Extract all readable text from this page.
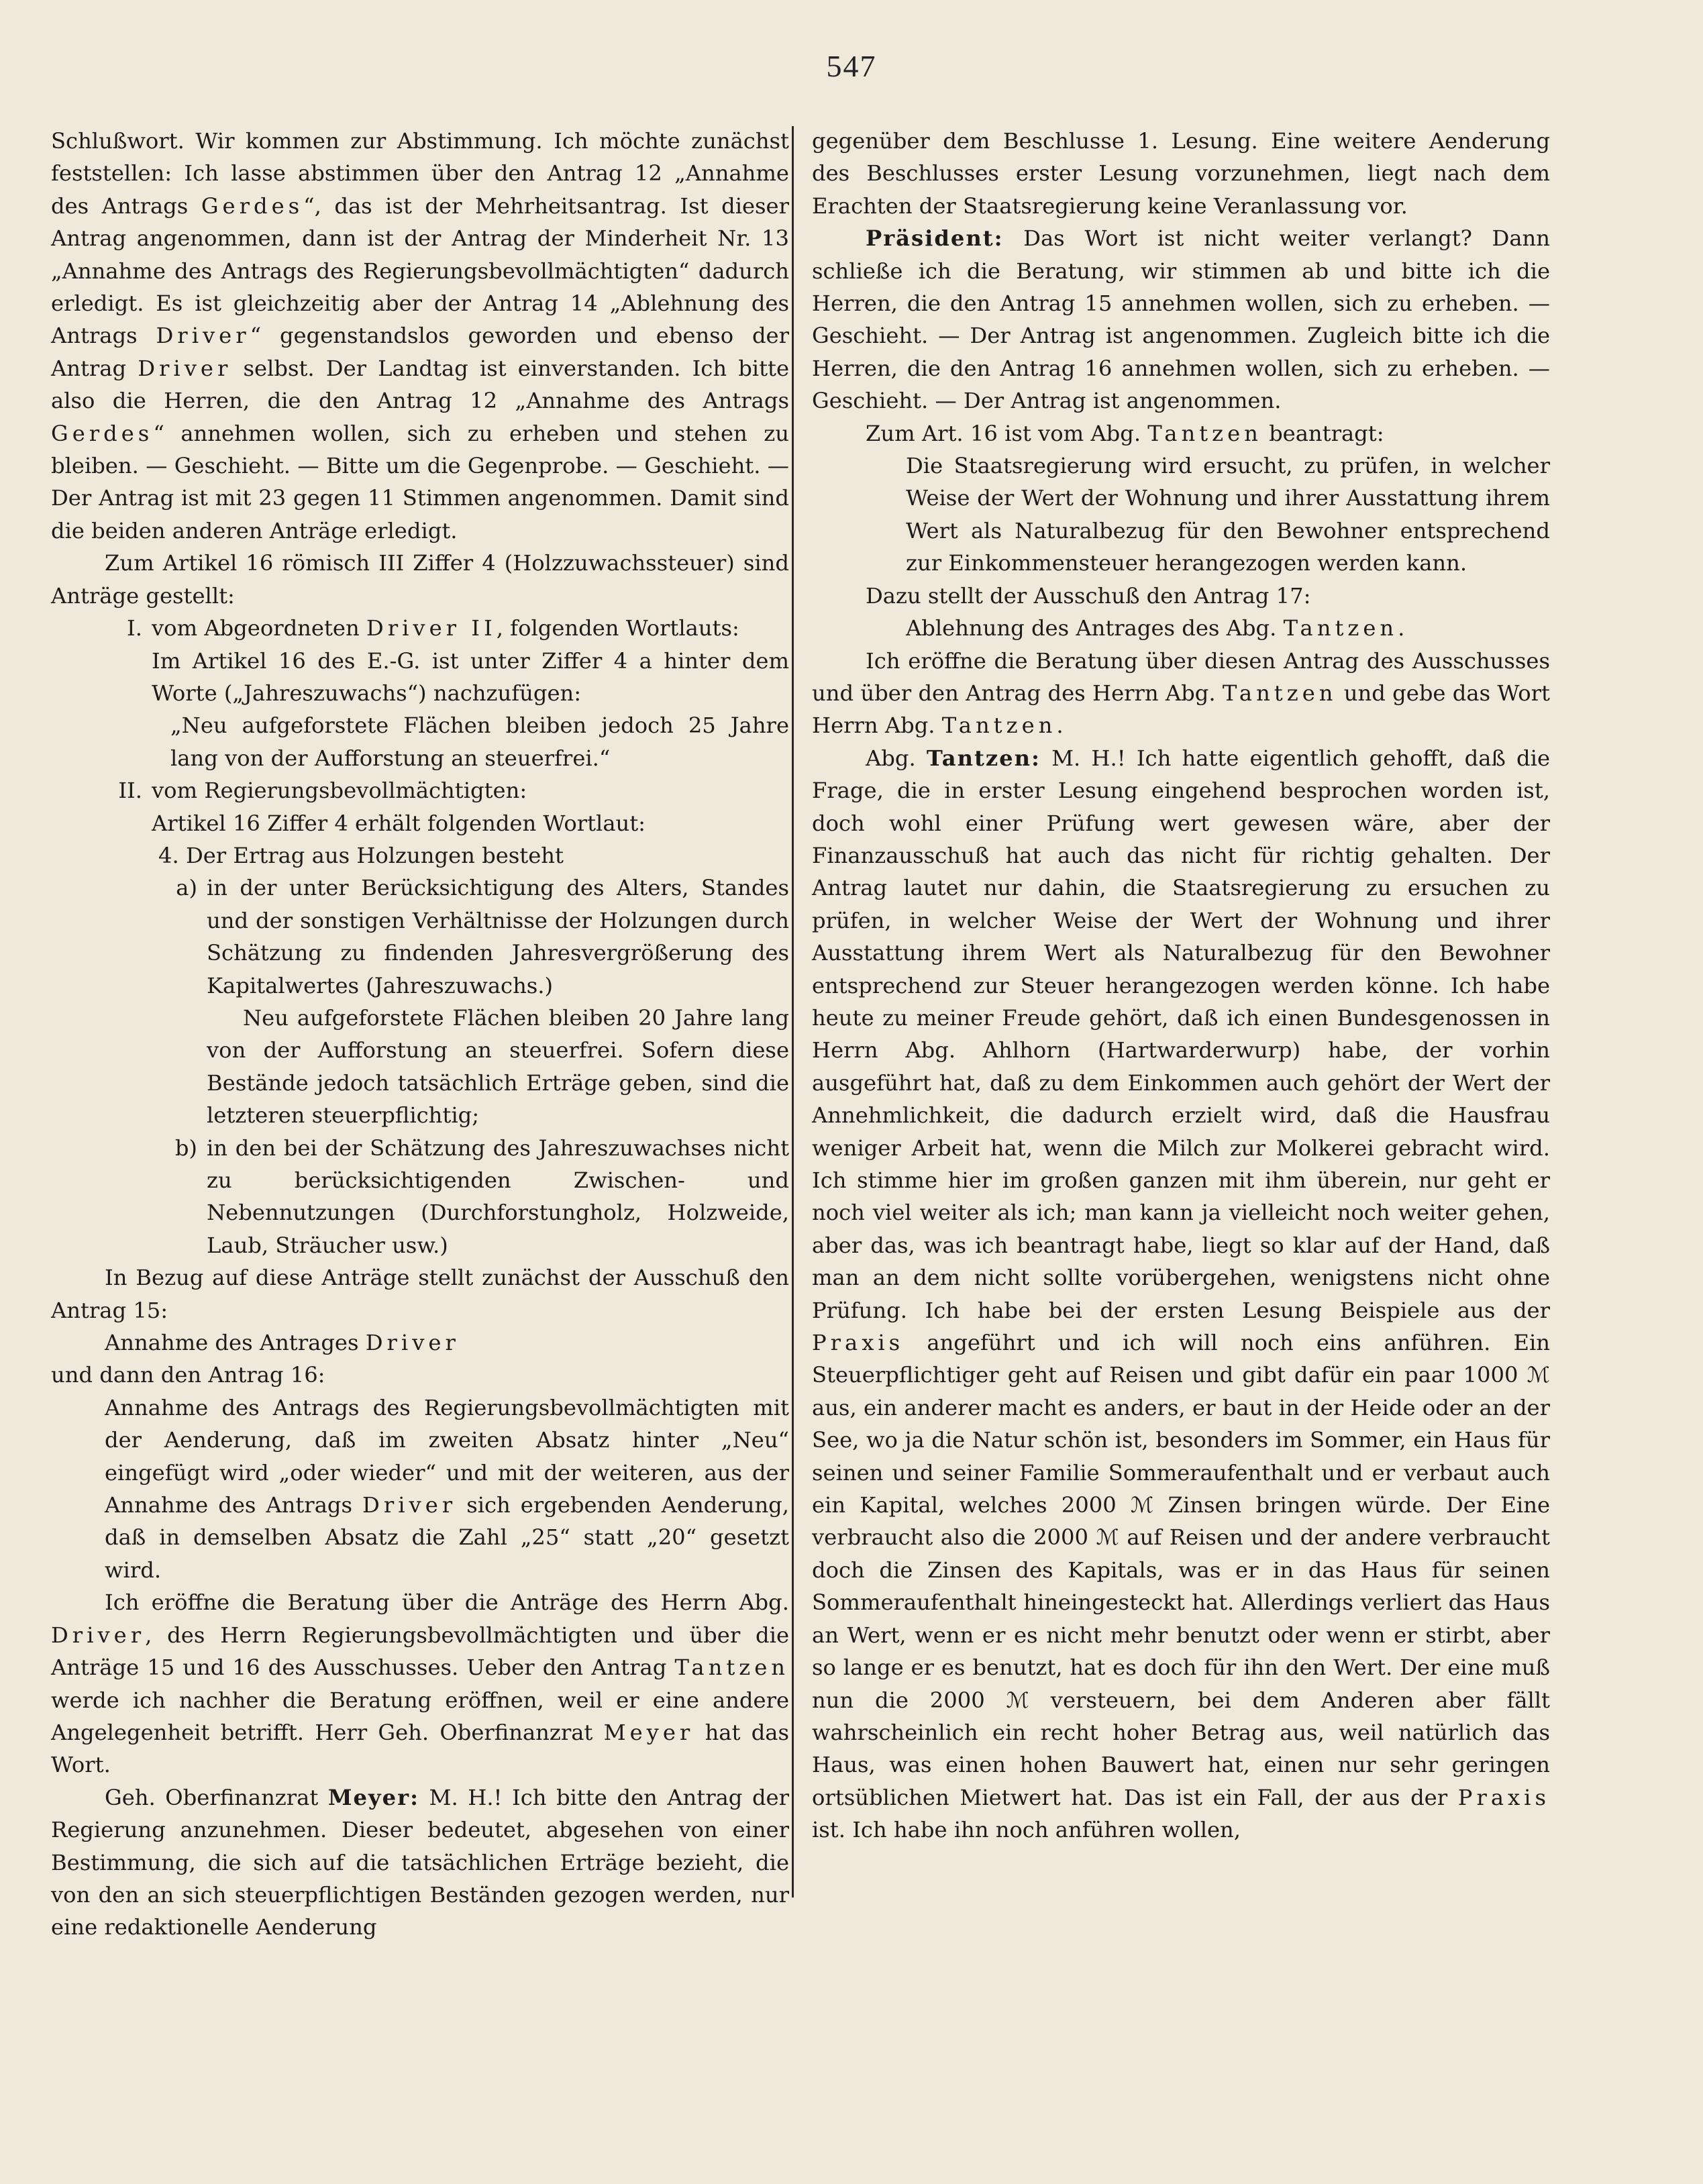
547

Schlußwort. Wir kommen zur Abstimmung. Ich möchte zunächst feststellen: Ich lasse abstimmen über den Antrag 12 „Annahme des Antrags Gerdes“, das ist der Mehrheitsantrag. Ist dieser Antrag angenommen, dann ist der Antrag der Minderheit Nr. 13 „Annahme des Antrags des Regierungsbevollmächtigten“ dadurch erledigt. Es ist gleichzeitig aber der Antrag 14 „Ablehnung des Antrags Driver“ gegenstandslos geworden und ebenso der Antrag Driver selbst. Der Landtag ist einverstanden. Ich bitte also die Herren, die den Antrag 12 „Annahme des Antrags Gerdes“ annehmen wollen, sich zu erheben und stehen zu bleiben. — Geschieht. — Bitte um die Gegenprobe. — Geschieht. — Der Antrag ist mit 23 gegen 11 Stimmen angenommen. Damit sind die beiden anderen Anträge erledigt.

Zum Artikel 16 römisch III Ziffer 4 (Holzzuwachssteuer) sind Anträge gestellt:

I. vom Abgeordneten Driver II, folgenden Wortlauts:
Im Artikel 16 des E.-G. ist unter Ziffer 4 a hinter dem Worte („Jahreszuwachs“) nachzufügen:
„Neu aufgeforstete Flächen bleiben jedoch 25 Jahre lang von der Aufforstung an steuerfrei.“
II. vom Regierungsbevollmächtigten:
Artikel 16 Ziffer 4 erhält folgenden Wortlaut:
4. Der Ertrag aus Holzungen besteht
a) in der unter Berücksichtigung des Alters, Standes und der sonstigen Verhältnisse der Holzungen durch Schätzung zu findenden Jahresvergrößerung des Kapitalwertes (Jahreszuwachs.)
Neu aufgeforstete Flächen bleiben 20 Jahre lang von der Aufforstung an steuerfrei. Sofern diese Bestände jedoch tatsächlich Erträge geben, sind die letzteren steuerpflichtig;
b) in den bei der Schätzung des Jahreszuwachses nicht zu berücksichtigenden Zwischen- und Nebennutzungen (Durchforstungholz, Holzweide, Laub, Sträucher usw.)

In Bezug auf diese Anträge stellt zunächst der Ausschuß den Antrag 15:

Annahme des Antrages Driver

und dann den Antrag 16:

Annahme des Antrags des Regierungsbevollmächtigten mit der Aenderung, daß im zweiten Absatz hinter „Neu“ eingefügt wird „oder wieder“ und mit der weiteren, aus der Annahme des Antrags Driver sich ergebenden Aenderung, daß in demselben Absatz die Zahl „25“ statt „20“ gesetzt wird.

Ich eröffne die Beratung über die Anträge des Herrn Abg. Driver, des Herrn Regierungsbevollmächtigten und über die Anträge 15 und 16 des Ausschusses. Ueber den Antrag Tantzen werde ich nachher die Beratung eröffnen, weil er eine andere Angelegenheit betrifft. Herr Geh. Oberfinanzrat Meyer hat das Wort.

Geh. Oberfinanzrat Meyer: M. H.! Ich bitte den Antrag der Regierung anzunehmen. Dieser bedeutet, abgesehen von einer Bestimmung, die sich auf die tatsächlichen Erträge bezieht, die von den an sich steuerpflichtigen Beständen gezogen werden, nur eine redaktionelle Aenderung

gegenüber dem Beschlusse 1. Lesung. Eine weitere Aenderung des Beschlusses erster Lesung vorzunehmen, liegt nach dem Erachten der Staatsregierung keine Veranlassung vor.

Präsident: Das Wort ist nicht weiter verlangt? Dann schließe ich die Beratung, wir stimmen ab und bitte ich die Herren, die den Antrag 15 annehmen wollen, sich zu erheben. — Geschieht. — Der Antrag ist angenommen. Zugleich bitte ich die Herren, die den Antrag 16 annehmen wollen, sich zu erheben. — Geschieht. — Der Antrag ist angenommen.

Zum Art. 16 ist vom Abg. Tantzen beantragt:

Die Staatsregierung wird ersucht, zu prüfen, in welcher Weise der Wert der Wohnung und ihrer Ausstattung ihrem Wert als Naturalbezug für den Bewohner entsprechend zur Einkommensteuer herangezogen werden kann.

Dazu stellt der Ausschuß den Antrag 17:

Ablehnung des Antrages des Abg. Tantzen.

Ich eröffne die Beratung über diesen Antrag des Ausschusses und über den Antrag des Herrn Abg. Tantzen und gebe das Wort Herrn Abg. Tantzen.

Abg. Tantzen: M. H.! Ich hatte eigentlich gehofft, daß die Frage, die in erster Lesung eingehend besprochen worden ist, doch wohl einer Prüfung wert gewesen wäre, aber der Finanzausschuß hat auch das nicht für richtig gehalten. Der Antrag lautet nur dahin, die Staatsregierung zu ersuchen zu prüfen, in welcher Weise der Wert der Wohnung und ihrer Ausstattung ihrem Wert als Naturalbezug für den Bewohner entsprechend zur Steuer herangezogen werden könne. Ich habe heute zu meiner Freude gehört, daß ich einen Bundesgenossen in Herrn Abg. Ahlhorn (Hartwarderwurp) habe, der vorhin ausgeführt hat, daß zu dem Einkommen auch gehört der Wert der Annehmlichkeit, die dadurch erzielt wird, daß die Hausfrau weniger Arbeit hat, wenn die Milch zur Molkerei gebracht wird. Ich stimme hier im großen ganzen mit ihm überein, nur geht er noch viel weiter als ich; man kann ja vielleicht noch weiter gehen, aber das, was ich beantragt habe, liegt so klar auf der Hand, daß man an dem nicht sollte vorübergehen, wenigstens nicht ohne Prüfung. Ich habe bei der ersten Lesung Beispiele aus der Praxis angeführt und ich will noch eins anführen. Ein Steuerpflichtiger geht auf Reisen und gibt dafür ein paar 1000 ℳ aus, ein anderer macht es anders, er baut in der Heide oder an der See, wo ja die Natur schön ist, besonders im Sommer, ein Haus für seinen und seiner Familie Sommeraufenthalt und er verbaut auch ein Kapital, welches 2000 ℳ Zinsen bringen würde. Der Eine verbraucht also die 2000 ℳ auf Reisen und der andere verbraucht doch die Zinsen des Kapitals, was er in das Haus für seinen Sommeraufenthalt hineingesteckt hat. Allerdings verliert das Haus an Wert, wenn er es nicht mehr benutzt oder wenn er stirbt, aber so lange er es benutzt, hat es doch für ihn den Wert. Der eine muß nun die 2000 ℳ versteuern, bei dem Anderen aber fällt wahrscheinlich ein recht hoher Betrag aus, weil natürlich das Haus, was einen hohen Bauwert hat, einen nur sehr geringen ortsüblichen Mietwert hat. Das ist ein Fall, der aus der Praxis ist. Ich habe ihn noch anführen wollen,
